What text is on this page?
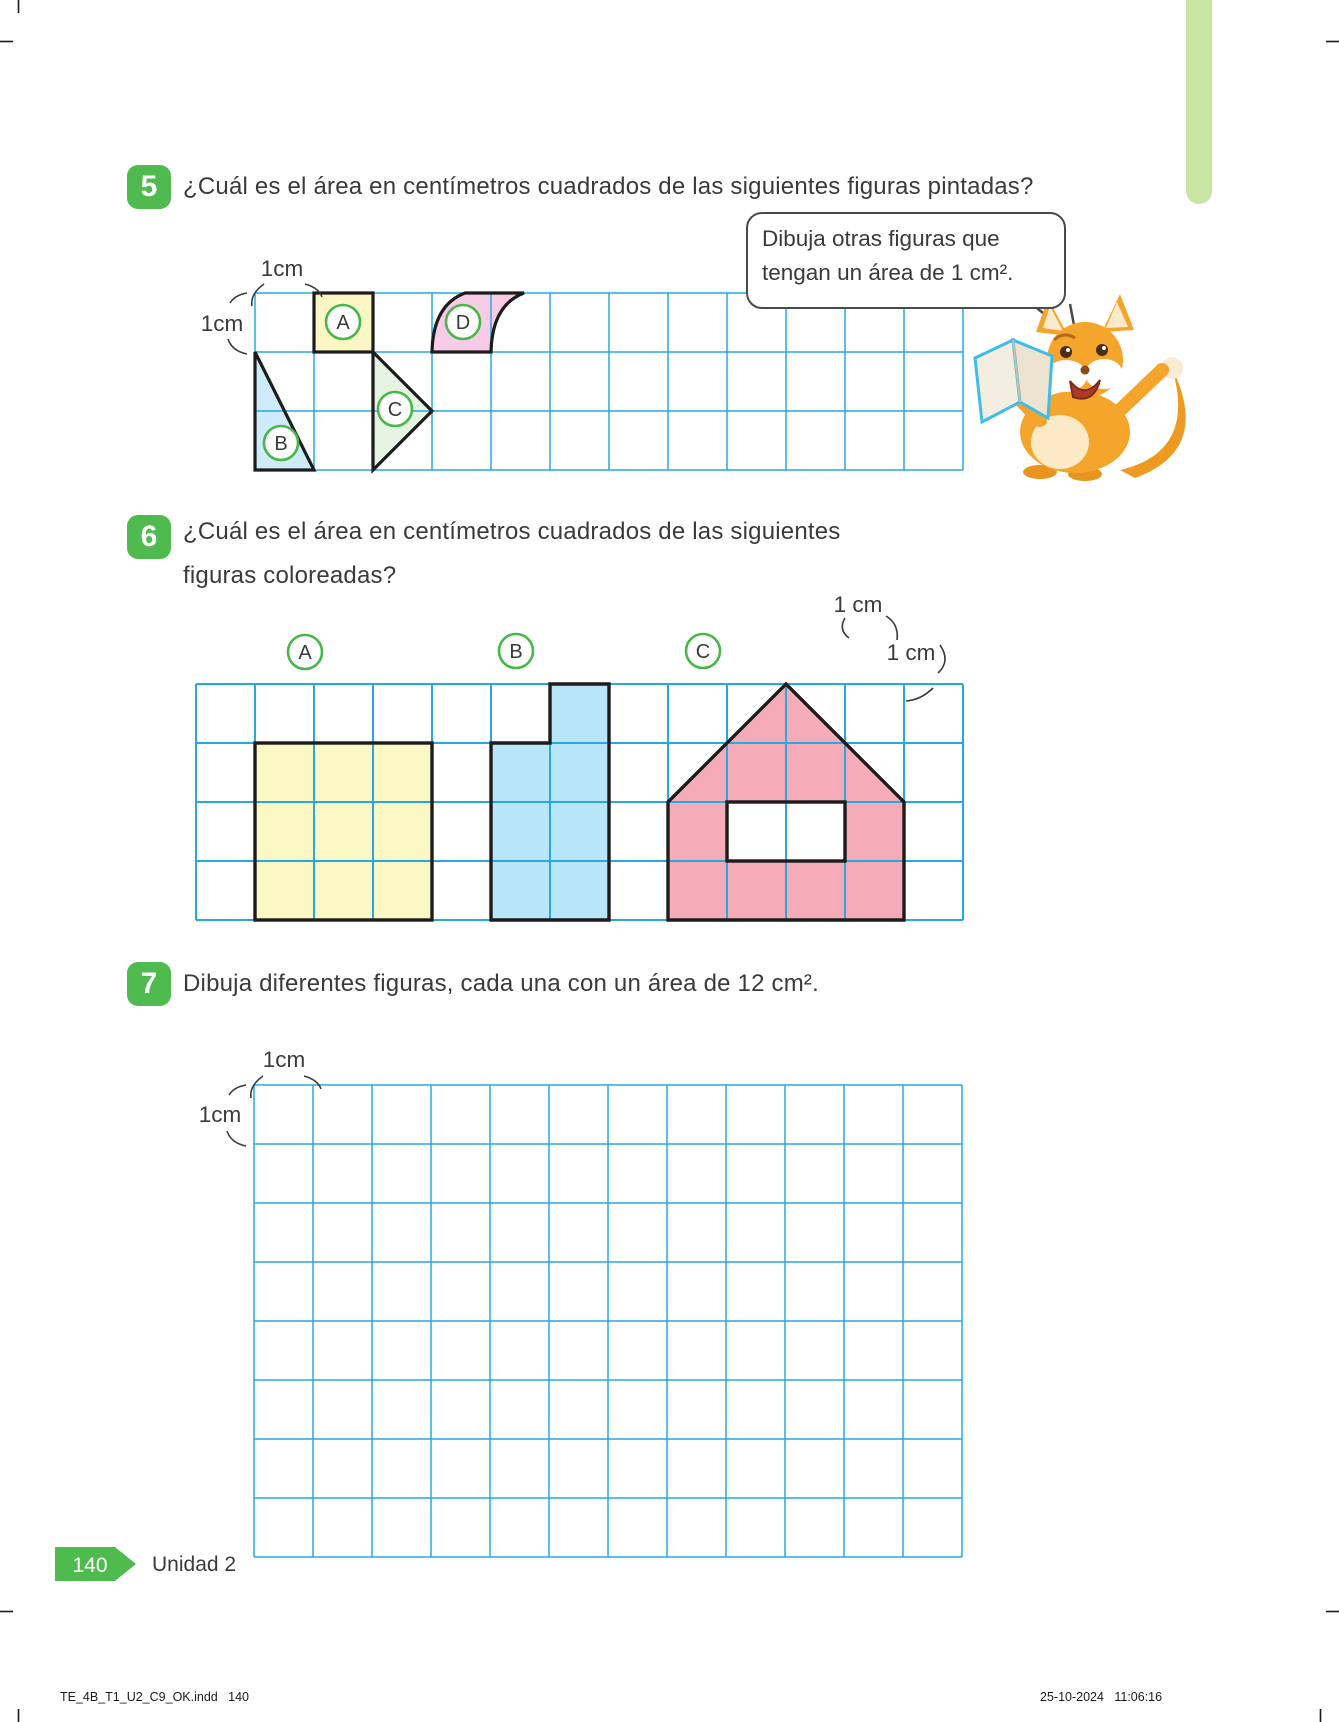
1cm
1cm	A
B
C
D
A	B	C
1 cm
1 cm
1cm
1cm
140
5
6
7
¿Cuál es el área en centímetros cuadrados de las siguientes figuras pintadas?
¿Cuál es el área en centímetros cuadrados de las siguientes
figuras coloreadas?
Dibuja diferentes figuras, cada una con un área de 12 cm².
Dibuja otras figuras que
tengan un área de 1 cm².
Unidad 2
TE_4B_T1_U2_C9_OK.indd   140	25-10-2024   11:06:16
